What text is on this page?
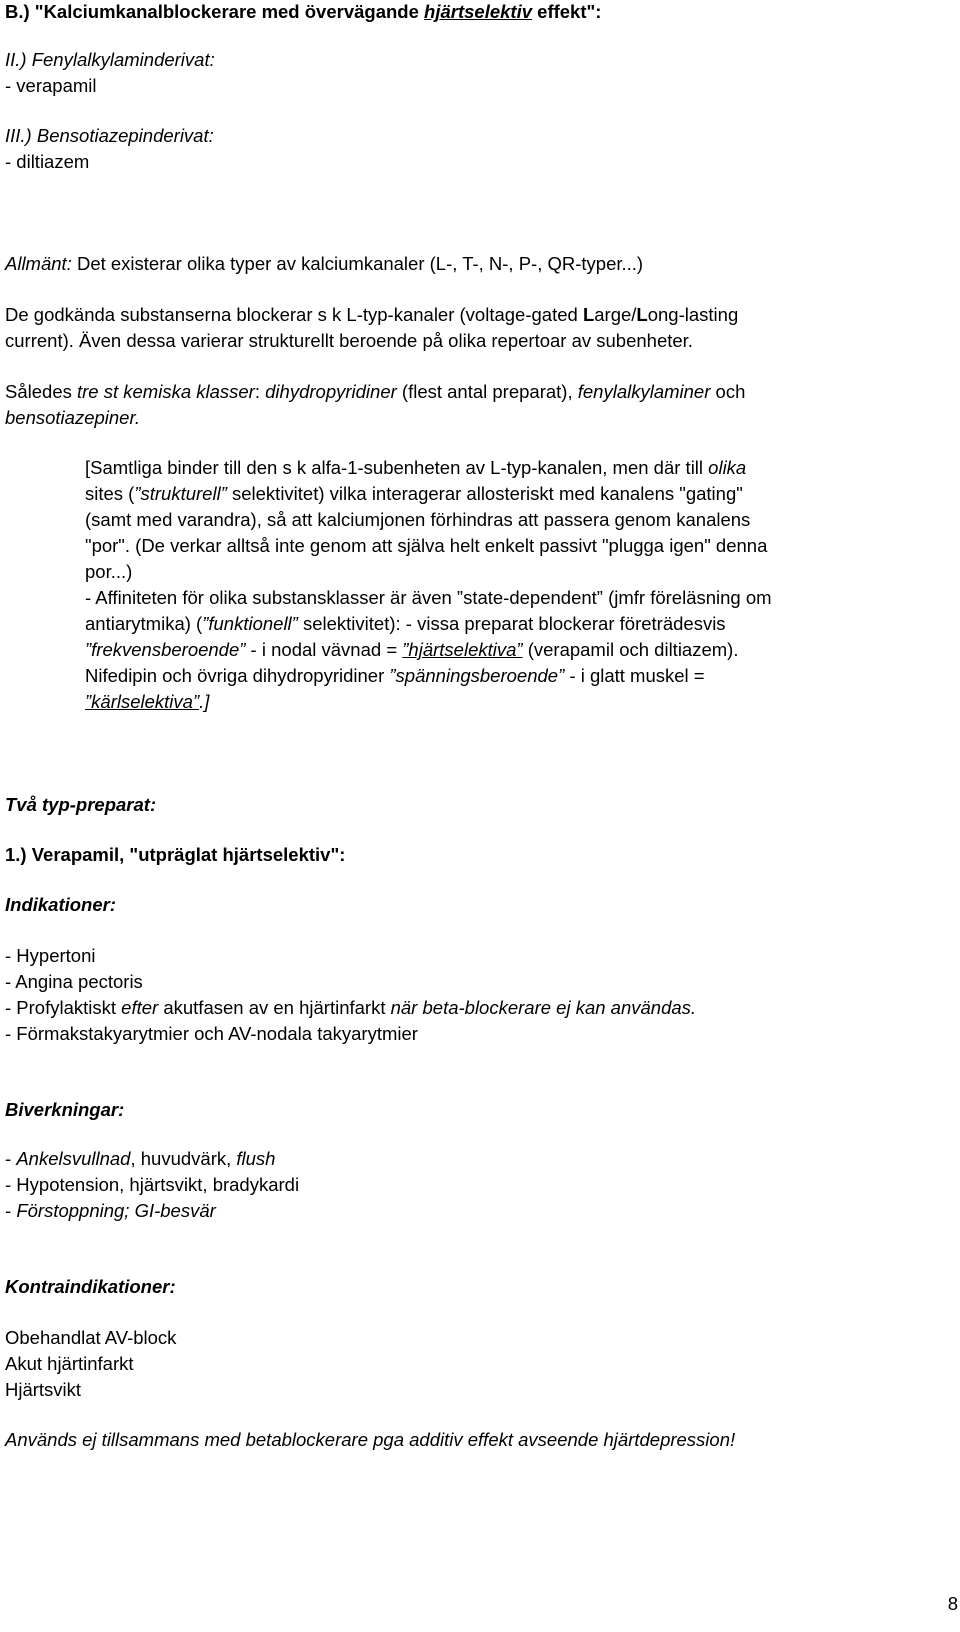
B.) "Kalciumkanalblockerare med övervägande hjärtselektiv effekt":
II.) Fenylalkylaminderivat:
- verapamil
III.) Bensotiazepinderivat:
- diltiazem
Allmänt: Det existerar olika typer av kalciumkanaler (L-, T-, N-, P-, QR-typer...)
De godkända substanserna blockerar s k L-typ-kanaler (voltage-gated Large/Long-lasting
current). Även dessa varierar strukturellt beroende på olika repertoar av subenheter.
Således tre st kemiska klasser: dihydropyridiner (flest antal preparat), fenylalkylaminer och
bensotiazepiner.
[Samtliga binder till den s k alfa-1-subenheten av L-typ-kanalen, men där till olika
sites (”strukturell” selektivitet) vilka interagerar allosteriskt med kanalens "gating"
(samt med varandra), så att kalciumjonen förhindras att passera genom kanalens
"por". (De verkar alltså inte genom att själva helt enkelt passivt "plugga igen" denna
por...)
- Affiniteten för olika substansklasser är även ”state-dependent” (jmfr föreläsning om
antiarytmika) (”funktionell” selektivitet): - vissa preparat blockerar företrädesvis
”frekvensberoende” - i nodal vävnad = ”hjärtselektiva” (verapamil och diltiazem).
Nifedipin och övriga dihydropyridiner ”spänningsberoende” - i glatt muskel =
”kärlselektiva”.]
Två typ-preparat:
1.) Verapamil, "utpräglat hjärtselektiv":
Indikationer:
- Hypertoni
- Angina pectoris
- Profylaktiskt efter akutfasen av en hjärtinfarkt när beta-blockerare ej kan användas.
- Förmakstakyarytmier och AV-nodala takyarytmier
Biverkningar:
- Ankelsvullnad, huvudvärk, flush
- Hypotension, hjärtsvikt, bradykardi
- Förstoppning; GI-besvär
Kontraindikationer:
Obehandlat AV-block
Akut hjärtinfarkt
Hjärtsvikt
Används ej tillsammans med betablockerare pga additiv effekt avseende hjärtdepression!
8
